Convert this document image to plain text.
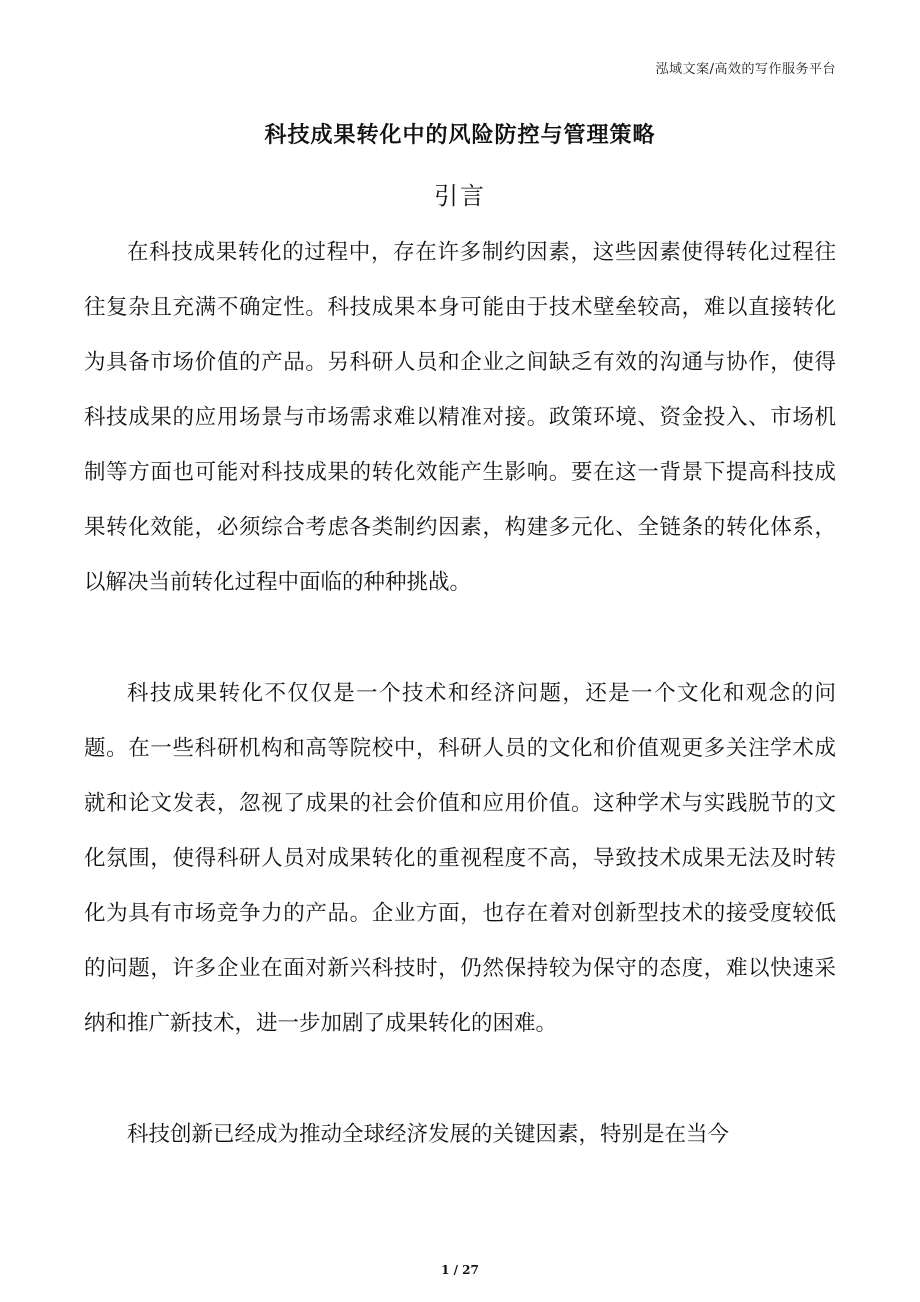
泓域文案/高效的写作服务平台
科技成果转化中的风险防控与管理策略
引言

在科技成果转化的过程中，存在许多制约因素，这些因素使得转化过程往往复杂且充满不确定性。科技成果本身可能由于技术壁垒较高，难以直接转化为具备市场价值的产品。另科研人员和企业之间缺乏有效的沟通与协作，使得科技成果的应用场景与市场需求难以精准对接。政策环境、资金投入、市场机制等方面也可能对科技成果的转化效能产生影响。要在这一背景下提高科技成果转化效能，必须综合考虑各类制约因素，构建多元化、全链条的转化体系，以解决当前转化过程中面临的种种挑战。

科技成果转化不仅仅是一个技术和经济问题，还是一个文化和观念的问题。在一些科研机构和高等院校中，科研人员的文化和价值观更多关注学术成就和论文发表，忽视了成果的社会价值和应用价值。这种学术与实践脱节的文化氛围，使得科研人员对成果转化的重视程度不高，导致技术成果无法及时转化为具有市场竞争力的产品。企业方面，也存在着对创新型技术的接受度较低的问题，许多企业在面对新兴科技时，仍然保持较为保守的态度，难以快速采纳和推广新技术，进一步加剧了成果转化的困难。

科技创新已经成为推动全球经济发展的关键因素，特别是在当今

1 / 27
